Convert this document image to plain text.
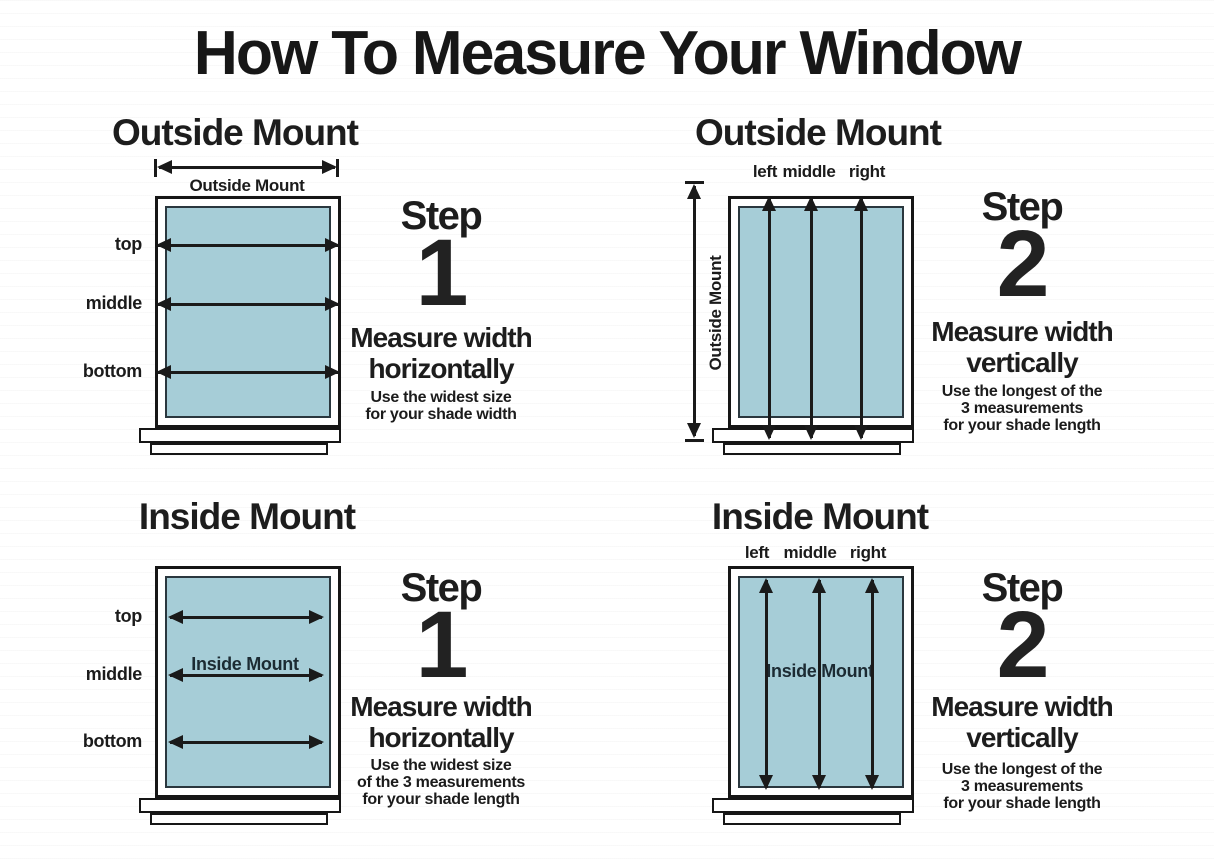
How To Measure Your Window
Outside Mount
Outside Mount
top
middle
bottom
Step
1
Measure width
horizontally
Use the widest size
for your shade width
Outside Mount
left middle right
Outside Mount
Step
2
Measure width
vertically
Use the longest of the
3 measurements
for your shade length
Inside Mount
Inside Mount
top
middle
bottom
Step
1
Measure width
horizontally
Use the widest size
of the 3 measurements
for your shade length
Inside Mount
left middle right
Inside Mount
Step
2
Measure width
vertically
Use the longest of the
3 measurements
for your shade length
